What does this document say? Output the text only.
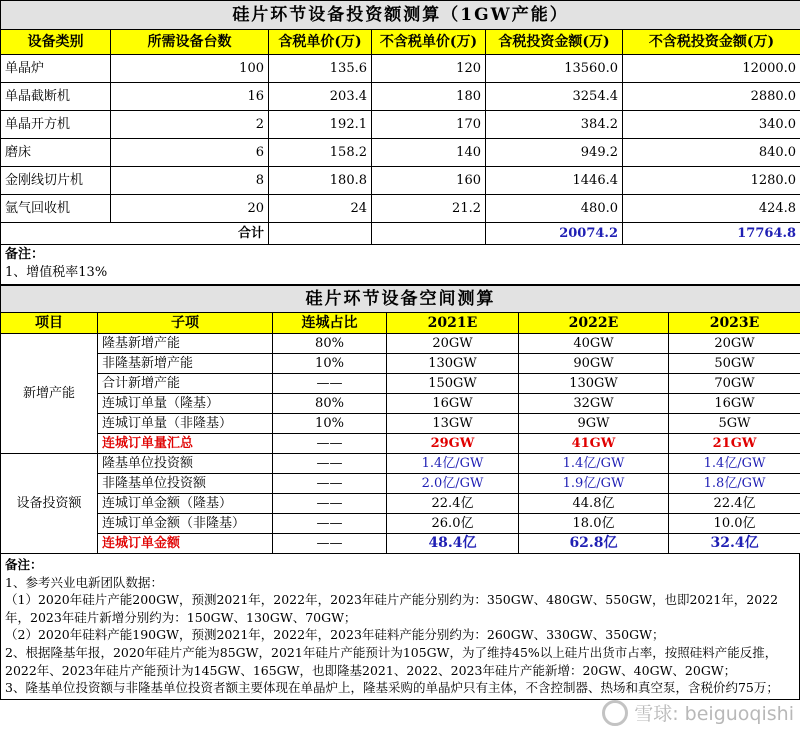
硅片环节设备投资额测算（1GW产能）					
设备类别	所需设备台数	含税单价(万)	不含税单价(万)	含税投资金额(万)	不含税投资金额(万)
单晶炉	100	135.6	120	13560.0	12000.0
单晶截断机	16	203.4	180	3254.4	2880.0
单晶开方机	2	192.1	170	384.2	340.0
磨床	6	158.2	140	949.2	840.0
金刚线切片机	8	180.8	160	1446.4	1280.0
氩气回收机	20	24	21.2	480.0	424.8
合计				20074.2	17764.8

备注：
1、增值税率13%					
硅片环节设备空间测算					
项目	子项	连城占比	2021E	2022E	2023E
新增产能	隆基新增产能	80%	20GW	40GW	20GW
	非隆基新增产能	10%	130GW	90GW	50GW
	合计新增产能	——	150GW	130GW	70GW
	连城订单量（隆基）	80%	16GW	32GW	16GW
	连城订单量（非隆基）	10%	13GW	9GW	5GW
	连城订单量汇总	——	29GW	41GW	21GW
设备投资额	隆基单位投资额	——	1.4亿/GW	1.4亿/GW	1.4亿/GW
	非隆基单位投资额	——	2.0亿/GW	1.9亿/GW	1.8亿/GW
	连城订单金额（隆基）	——	22.4亿	44.8亿	22.4亿
	连城订单金额（非隆基）	——	26.0亿	18.0亿	10.0亿
	连城订单金额	——	48.4亿	62.8亿	32.4亿
备注：
1、参考兴业电新团队数据：
（1）2020年硅片产能200GW，预测2021年，2022年，2023年硅片产能分别约为：350GW、480GW、550GW，也即2021年，2022年，2023年硅片新增分别约为：150GW、130GW、70GW；
（2）2020年硅料产能190GW，预测2021年，2022年，2023年硅料产能分别约为：260GW、330GW、350GW；
2、根据隆基年报，2020年硅片产能为85GW，2021年硅片产能预计为105GW，为了维持45%以上硅片出货市占率，按照硅料产能反推，2022年、2023年硅片产能预计为145GW、165GW，也即隆基2021、2022、2023年硅片产能新增：20GW、40GW、20GW；
3、隆基单位投资额与非隆基单位投资者额主要体现在单晶炉上，隆基采购的单晶炉只有主体，不含控制器、热场和真空泵，含税价约75万；
雪球: beiguoqishi
